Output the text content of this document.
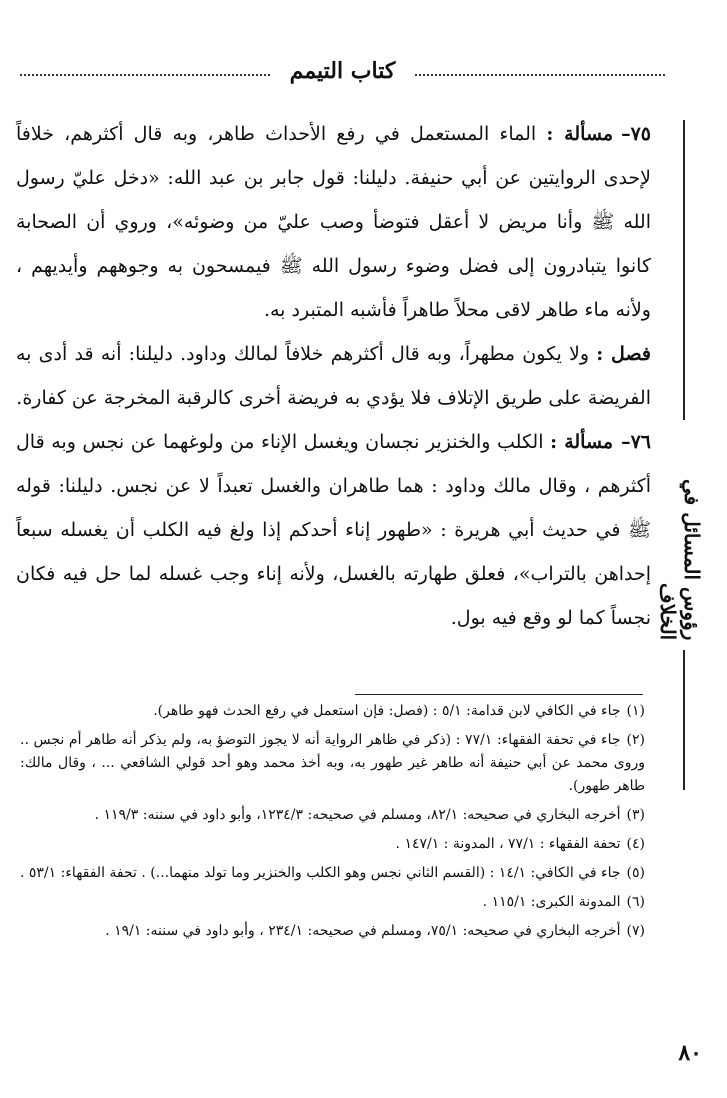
كتاب التيمم
رؤوس المسائل في الخلاف

٧٥–مسألة : الماء المستعمل في رفع الأحداث طاهر، وبه قال أكثرهم، خلافاً لإحدى الروايتين عن أبي حنيفة. دليلنا: قول جابر بن عبد الله: «دخل عليّ رسول الله ﷺ وأنا مريض لا أعقل فتوضأ وصب عليّ من وضوئه»، وروي أن الصحابة كانوا يتبادرون إلى فضل وضوء رسول الله ﷺ فيمسحون به وجوههم وأيديهم ، ولأنه ماء طاهر لاقى محلاً طاهراً فأشبه المتبرد به.

فصل : ولا يكون مطهراً، وبه قال أكثرهم خلافاً لمالك وداود. دليلنا: أنه قد أدى به الفريضة على طريق الإتلاف فلا يؤدي به فريضة أخرى كالرقبة المخرجة عن كفارة.

٧٦–مسألة : الكلب والخنزير نجسان ويغسل الإناء من ولوغهما عن نجس وبه قال أكثرهم ، وقال مالك وداود : هما طاهران والغسل تعبداً لا عن نجس. دليلنا: قوله ﷺ في حديث أبي هريرة : «طهور إناء أحدكم إذا ولغ فيه الكلب أن يغسله سبعاً إحداهن بالتراب»، فعلق طهارته بالغسل، ولأنه إناء وجب غسله لما حل فيه فكان نجساً كما لو وقع فيه بول.

(١)جاء في الكافي لابن قدامة: ٥/١ : (فصل: فإن استعمل في رفع الحدث فهو طاهر).

(٢)جاء في تحفة الفقهاء: ٧٧/١ : (ذكر في ظاهر الرواية أنه لا يجوز التوضؤ به، ولم يذكر أنه طاهر أم نجس .. وروى محمد عن أبي حنيفة أنه طاهر غير طهور به، وبه أخذ محمد وهو أحد قولي الشافعي ... ، وقال مالك: طاهر طهور).

(٣)أخرجه البخاري في صحيحه: ٨٢/١، ومسلم في صحيحه: ١٢٣٤/٣، وأبو داود في سننه: ١١٩/٣ .

(٤)تحفة الفقهاء : ٧٧/١ ، المدونة : ١٤٧/١ .

(٥)جاء في الكافي: ١٤/١ : (القسم الثاني نجس وهو الكلب والخنزير وما تولد منهما...) . تحفة الفقهاء: ٥٣/١ .

(٦)المدونة الكبرى: ١١٥/١ .

(٧)أخرجه البخاري في صحيحه: ٧٥/١، ومسلم في صحيحه: ٢٣٤/١ ، وأبو داود في سننه: ١٩/١ .

٨٠
